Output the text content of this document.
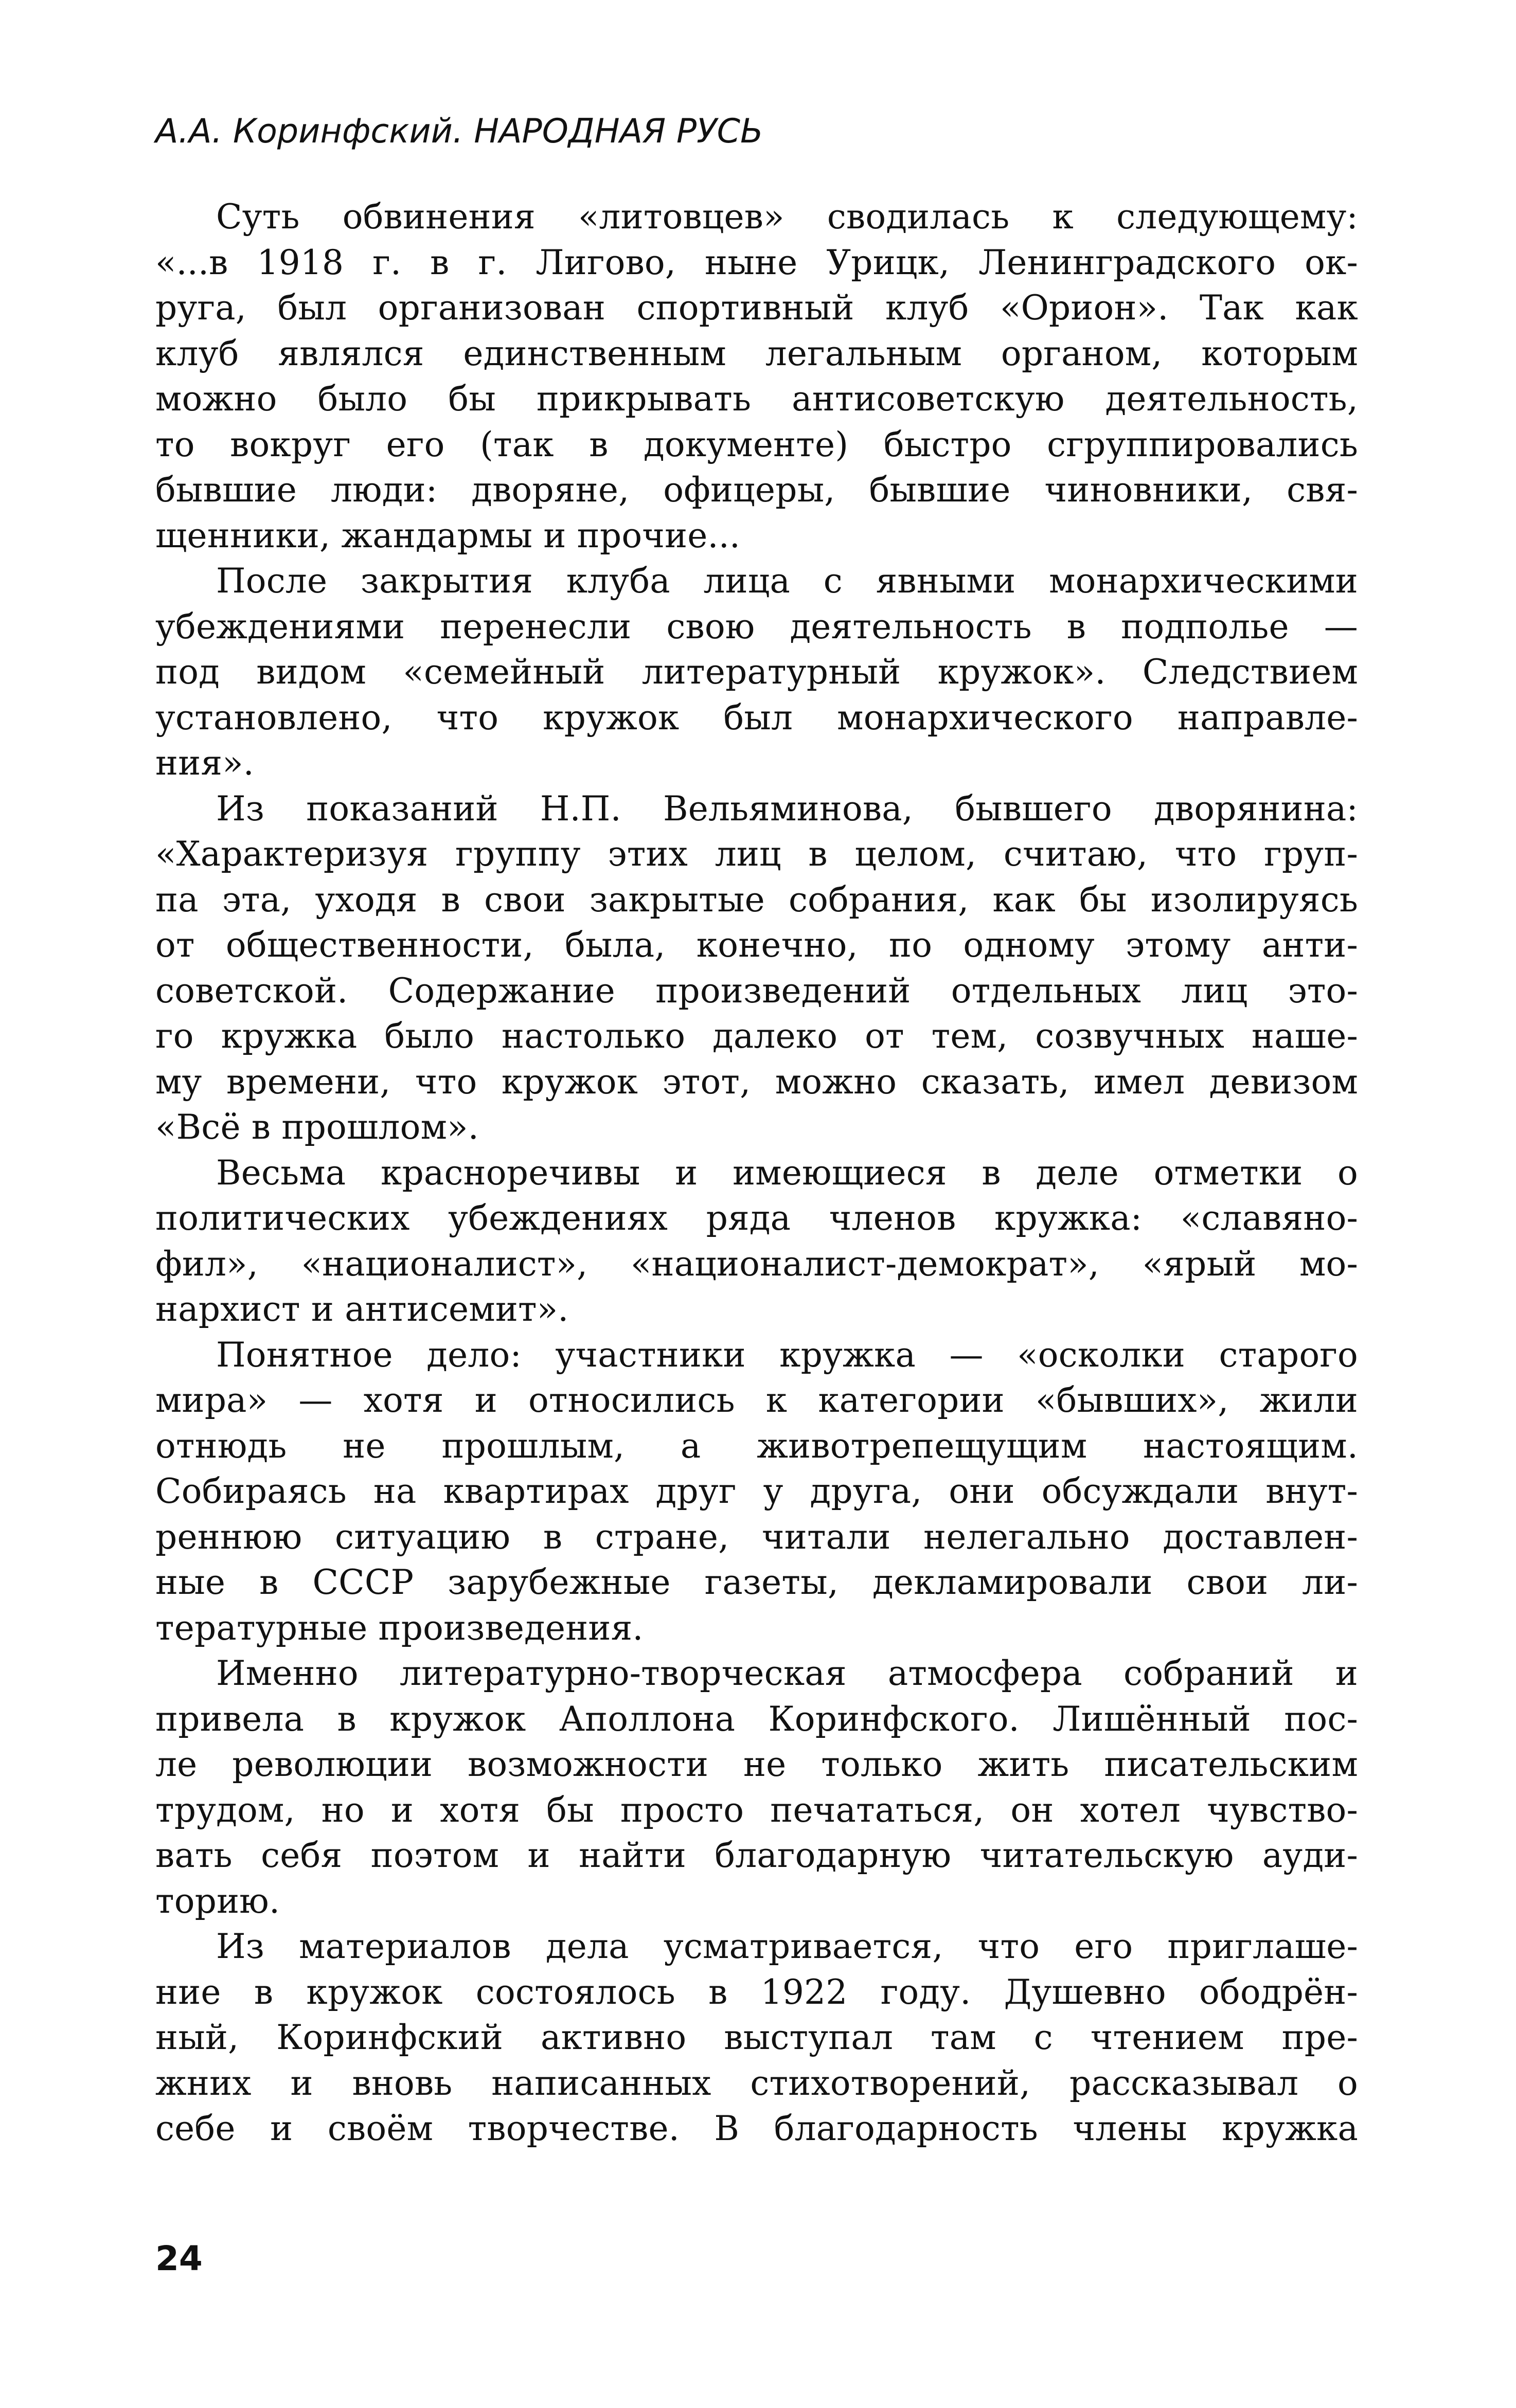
А.А. Коринфский. НАРОДНАЯ РУСЬ
Суть обвинения «литовцев» сводилась к следующему:
«...в 1918 г. в г. Лигово, ныне Урицк, Ленинградского ок-
руга, был организован спортивный клуб «Орион». Так как
клуб являлся единственным легальным органом, которым
можно было бы прикрывать антисоветскую деятельность,
то вокруг его (так в документе) быстро сгруппировались
бывшие люди: дворяне, офицеры, бывшие чиновники, свя-
щенники, жандармы и прочие...
После закрытия клуба лица с явными монархическими
убеждениями перенесли свою деятельность в подполье —
под видом «семейный литературный кружок». Следствием
установлено, что кружок был монархического направле-
ния».
Из показаний Н.П. Вельяминова, бывшего дворянина:
«Характеризуя группу этих лиц в целом, считаю, что груп-
па эта, уходя в свои закрытые собрания, как бы изолируясь
от общественности, была, конечно, по одному этому анти-
советской. Содержание произведений отдельных лиц это-
го кружка было настолько далеко от тем, созвучных наше-
му времени, что кружок этот, можно сказать, имел девизом
«Всё в прошлом».
Весьма красноречивы и имеющиеся в деле отметки о
политических убеждениях ряда членов кружка: «славяно-
фил», «националист», «националист-демократ», «ярый мо-
нархист и антисемит».
Понятное дело: участники кружка — «осколки старого
мира» — хотя и относились к категории «бывших», жили
отнюдь не прошлым, а животрепещущим настоящим.
Собираясь на квартирах друг у друга, они обсуждали внут-
реннюю ситуацию в стране, читали нелегально доставлен-
ные в СССР зарубежные газеты, декламировали свои ли-
тературные произведения.
Именно литературно-творческая атмосфера собраний и
привела в кружок Аполлона Коринфского. Лишённый пос-
ле революции возможности не только жить писательским
трудом, но и хотя бы просто печататься, он хотел чувство-
вать себя поэтом и найти благодарную читательскую ауди-
торию.
Из материалов дела усматривается, что его приглаше-
ние в кружок состоялось в 1922 году. Душевно ободрён-
ный, Коринфский активно выступал там с чтением пре-
жних и вновь написанных стихотворений, рассказывал о
себе и своём творчестве. В благодарность члены кружка
24
